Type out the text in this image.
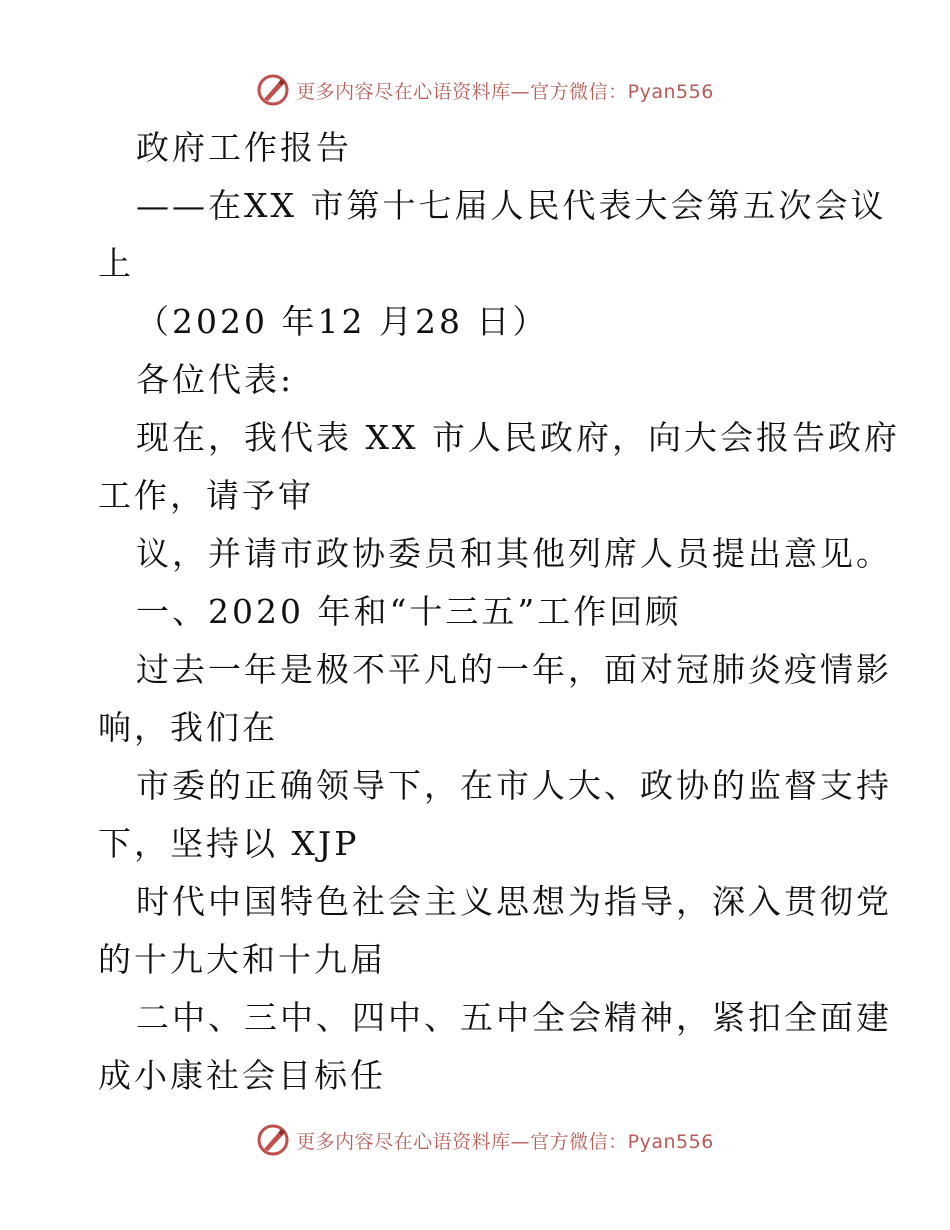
更多内容尽在心语资料库—官方微信：Pyan556
政府工作报告
——在XX 市第十七届人民代表大会第五次会议
上
（2020 年12 月28 日）
各位代表:
现在，我代表 XX 市人民政府，向大会报告政府
工作，请予审
议，并请市政协委员和其他列席人员提出意见。
一、2020 年和“十三五”工作回顾
过去一年是极不平凡的一年，面对冠肺炎疫情影
响，我们在
市委的正确领导下，在市人大、政协的监督支持
下，坚持以 XJP
时代中国特色社会主义思想为指导，深入贯彻党
的十九大和十九届
二中、三中、四中、五中全会精神，紧扣全面建
成小康社会目标任
更多内容尽在心语资料库—官方微信：Pyan556
